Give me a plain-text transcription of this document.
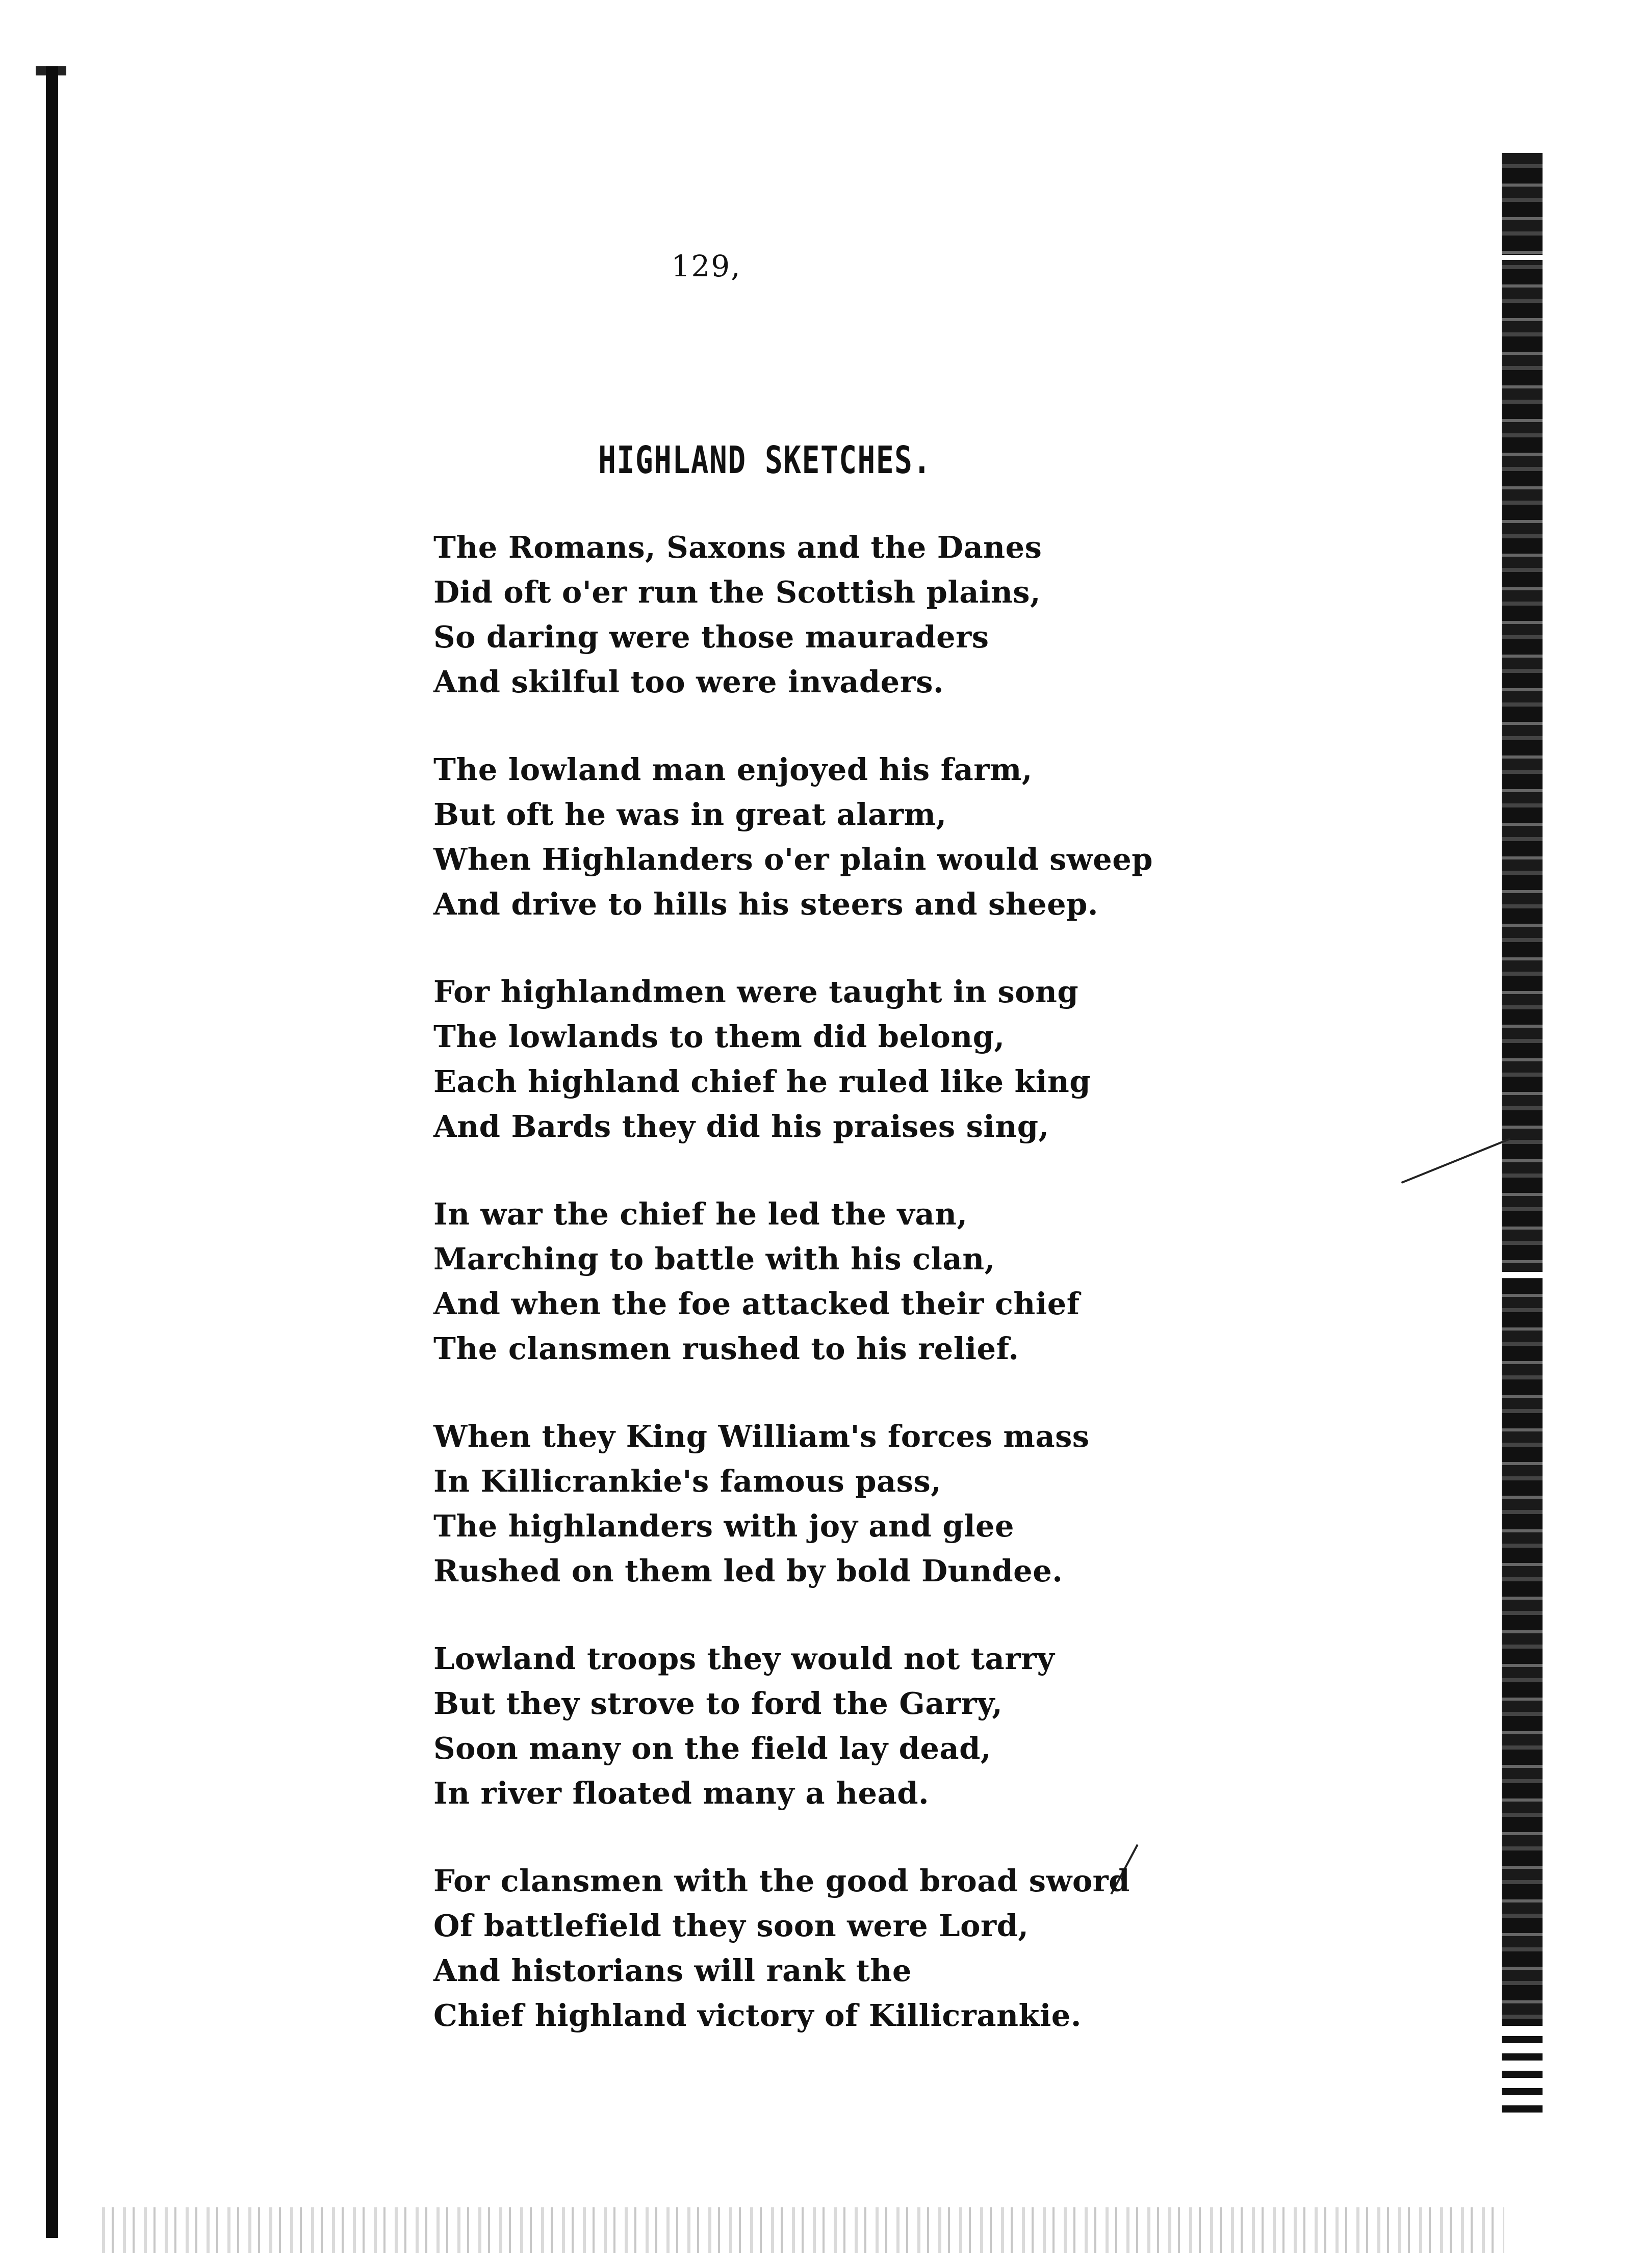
129,
HIGHLAND SKETCHES.
The Romans, Saxons and the Danes
Did oft o'er run the Scottish plains,
So daring were those mauraders
And skilful too were invaders.
The lowland man enjoyed his farm,
But oft he was in great alarm,
When Highlanders o'er plain would sweep
And drive to hills his steers and sheep.
For highlandmen were taught in song
The lowlands to them did belong,
Each highland chief he ruled like king
And Bards they did his praises sing,
In war the chief he led the van,
Marching to battle with his clan,
And when the foe attacked their chief
The clansmen rushed to his relief.
When they King William's forces mass
In Killicrankie's famous pass,
The highlanders with joy and glee
Rushed on them led by bold Dundee.
Lowland troops they would not tarry
But they strove to ford the Garry,
Soon many on the field lay dead,
In river floated many a head.
For clansmen with the good broad sword
Of battlefield they soon were Lord,
And historians will rank the
Chief highland victory of Killicrankie.
